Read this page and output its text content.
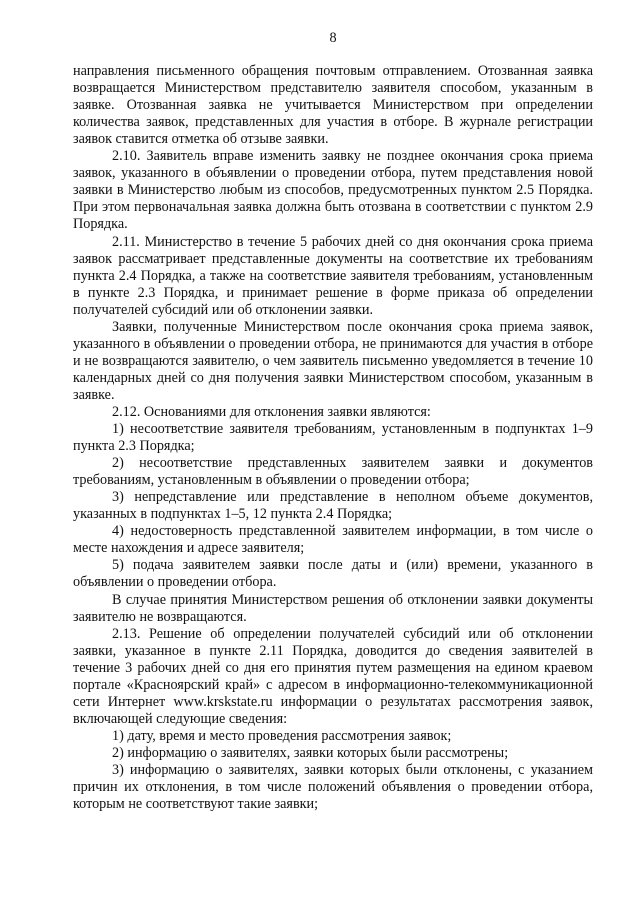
8

направления письменного обращения почтовым отправлением. Отозванная заявка возвращается Министерством представителю заявителя способом, указанным в заявке. Отозванная заявка не учитывается Министерством при определении количества заявок, представленных для участия в отборе. В журнале регистрации заявок ставится отметка об отзыве заявки.

2.10. Заявитель вправе изменить заявку не позднее окончания срока приема заявок, указанного в объявлении о проведении отбора, путем представления новой заявки в Министерство любым из способов, предусмотренных пунктом 2.5 Порядка. При этом первоначальная заявка должна быть отозвана в соответствии с пунктом 2.9 Порядка.

2.11. Министерство в течение 5 рабочих дней со дня окончания срока приема заявок рассматривает представленные документы на соответствие их требованиям пункта 2.4 Порядка, а также на соответствие заявителя требованиям, установленным в пункте 2.3 Порядка, и принимает решение в форме приказа об определении получателей субсидий или об отклонении заявки.

Заявки, полученные Министерством после окончания срока приема заявок, указанного в объявлении о проведении отбора, не принимаются для участия в отборе и не возвращаются заявителю, о чем заявитель письменно уведомляется в течение 10 календарных дней со дня получения заявки Министерством способом, указанным в заявке.

2.12. Основаниями для отклонения заявки являются:

1) несоответствие заявителя требованиям, установленным в подпунктах 1–9 пункта 2.3 Порядка;

2) несоответствие представленных заявителем заявки и документов требованиям, установленным в объявлении о проведении отбора;

3) непредставление или представление в неполном объеме документов, указанных в подпунктах 1–5, 12 пункта 2.4 Порядка;

4) недостоверность представленной заявителем информации, в том числе о месте нахождения и адресе заявителя;

5) подача заявителем заявки после даты и (или) времени, указанного в объявлении о проведении отбора.

В случае принятия Министерством решения об отклонении заявки документы заявителю не возвращаются.

2.13. Решение об определении получателей субсидий или об отклонении заявки, указанное в пункте 2.11 Порядка, доводится до сведения заявителей в течение 3 рабочих дней со дня его принятия путем размещения на едином краевом портале «Красноярский край» с адресом в информационно-телекоммуникационной сети Интернет www.krskstate.ru информации о результатах рассмотрения заявок, включающей следующие сведения:

1) дату, время и место проведения рассмотрения заявок;

2) информацию о заявителях, заявки которых были рассмотрены;

3) информацию о заявителях, заявки которых были отклонены, с указанием причин их отклонения, в том числе положений объявления о проведении отбора, которым не соответствуют такие заявки;
